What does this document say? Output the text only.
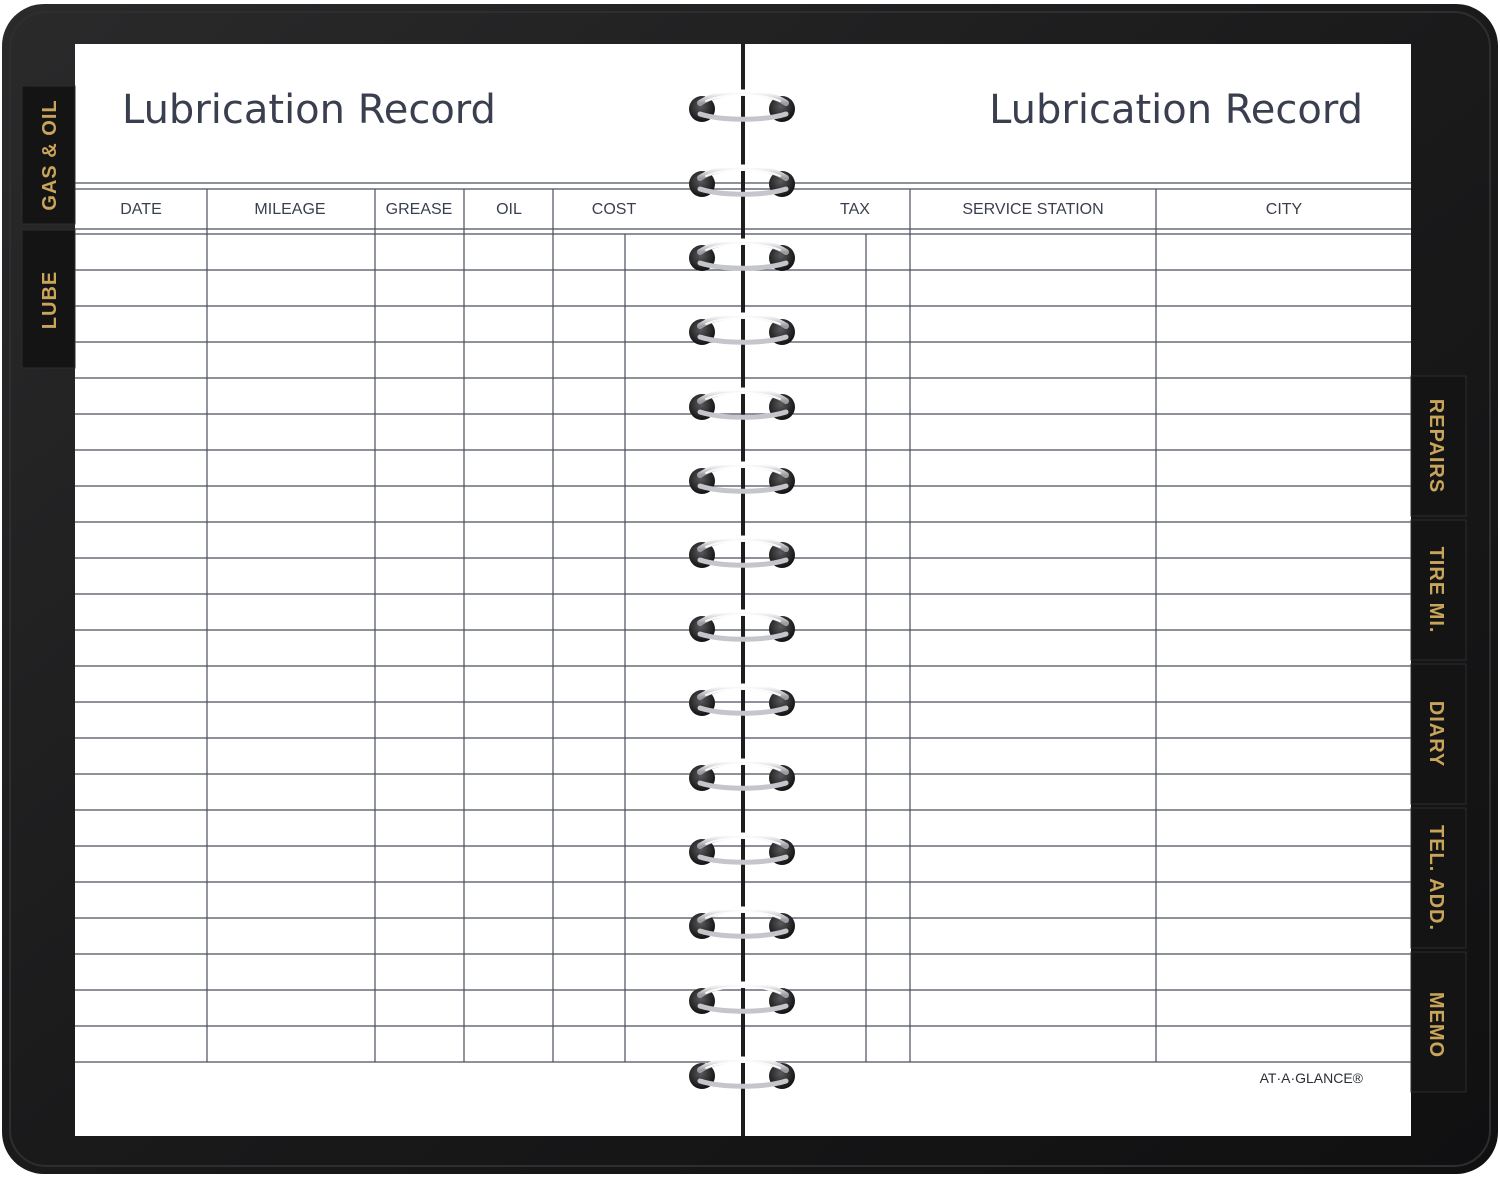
GAS & OIL
LUBE
REPAIRS
TIRE MI.
DIARY
TEL. ADD.
MEMO
Lubrication Record	Lubrication Record
DATE	MILEAGE	GREASE	OIL	COST	TAX	SERVICE STATION	CITY
AT·A·GLANCE®
